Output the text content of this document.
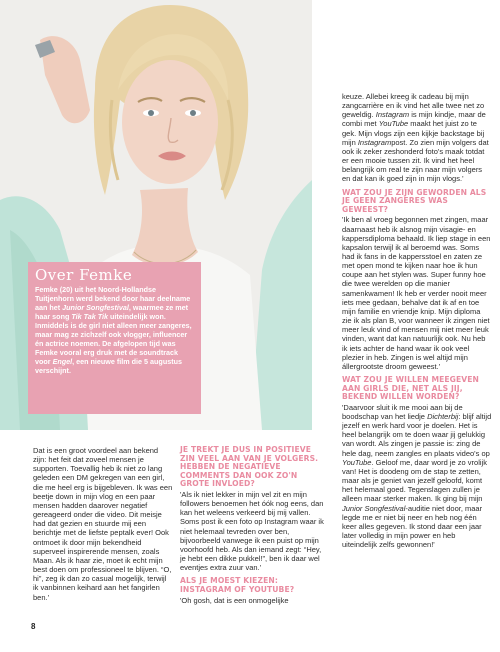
Over Femke
Femke (20) uit het Noord-Hollandse Tuitjenhorn werd bekend door haar deelname aan het Junior Songfestival, waarmee ze met haar song Tik Tak Tik uiteindelijk won. Inmiddels is de girl niet alleen meer zangeres, maar mag ze zichzelf ook vlogger, influencer én actrice noemen. De afgelopen tijd was Femke vooral erg druk met de soundtrack voor Engel, een nieuwe film die 5 augustus verschijnt.

keuze. Allebei kreeg ik cadeau bij mijn zangcarrière en ik vind het alle twee net zo geweldig. Instagram is mijn kindje, maar de combi met YouTube maakt het juist zo te gek. Mijn vlogs zijn een kijkje backstage bij mijn Instagrampost. Zo zien mijn volgers dat ook ik zeker zeshonderd foto's maak totdat er een mooie tussen zit. Ik vind het heel belangrijk om real te zijn naar mijn volgers en dat kan ik goed zijn in mijn vlogs.'

WAT ZOU JE ZIJN GEWORDEN ALS JE GEEN ZANGERES WAS GEWEEST?

'Ik ben al vroeg begonnen met zingen, maar daarnaast heb ik alsnog mijn visagie- en kappersdiploma behaald. Ik liep stage in een kapsalon terwijl ik al beroemd was. Soms had ik fans in de kappersstoel en zaten ze met open mond te kijken naar hoe ik hun coupe aan het stylen was. Super funny hoe die twee werelden op die manier samenkwamen! Ik heb er verder nooit meer iets mee gedaan, behalve dat ik af en toe mijn familie en vriendje knip. Mijn diploma zie ik als plan B, voor wanneer ik zingen niet meer leuk vind of mensen mij niet meer leuk vinden, want dat kan natuurlijk ook. Nu heb ik iets achter de hand waar ik ook veel plezier in heb. Zingen is wel altijd mijn állergrootste droom geweest.'

WAT ZOU JE WILLEN MEEGEVEN AAN GIRLS DIE, NET ALS JIJ, BEKEND WILLEN WORDEN?

'Daarvoor sluit ik me mooi aan bij de boodschap van het liedje Dichterbij: blijf altijd jezelf en werk hard voor je doelen. Het is heel belangrijk om te doen waar jij gelukkig van wordt. Als zingen je passie is: zing de hele dag, neem zangles en plaats video's op YouTube. Geloof me, daar word je zo vrolijk van! Het is doodeng om de stap te zetten, maar als je geniet van jezelf geloofd, komt het helemaal goed. Tegenslagen zullen je alleen maar sterker maken. Ik ging bij mijn Junior Songfestival-auditie niet door, maar legde me er niet bij neer en heb nog één keer alles gegeven. Ik stond daar een jaar later volledig in mijn power en heb uiteindelijk zelfs gewonnen!'

Dat is een groot voordeel aan bekend zijn: het feit dat zoveel mensen je supporten. Toevallig heb ik niet zo lang geleden een DM gekregen van een girl, die me heel erg is bijgebleven. Ik was een beetje down in mijn vlog en een paar mensen hadden daarover negatief gereageerd onder die video. Dit meisje had dat gezien en stuurde mij een berichtje met de liefste peptalk ever! Ook ontmoet ik door mijn bekendheid superveel inspirerende mensen, zoals Maan. Als ik haar zie, moet ik echt mijn best doen om professioneel te blijven. “O, hi”, zeg ik dan zo casual mogelijk, terwijl ik vanbinnen keihard aan het fangirlen ben.'

JE TREKT JE DUS IN POSITIEVE ZIN VEEL AAN VAN JE VOLGERS. HEBBEN DE NEGATIEVE COMMENTS DAN OOK ZO'N GROTE INVLOED?

'Als ik niet lekker in mijn vel zit en mijn followers benoemen het óók nog eens, dan kan het weleens verkeerd bij mij vallen. Soms post ik een foto op Instagram waar ik niet helemaal tevreden over ben, bijvoorbeeld vanwege ik een puist op mijn voorhoofd heb. Als dan iemand zegt: “Hey, je hebt een dikke pukkel!”, ben ik daar wel eventjes extra zuur van.'

ALS JE MOEST KIEZEN: INSTAGRAM OF YOUTUBE?

'Oh gosh, dat is een onmogelijke

8
